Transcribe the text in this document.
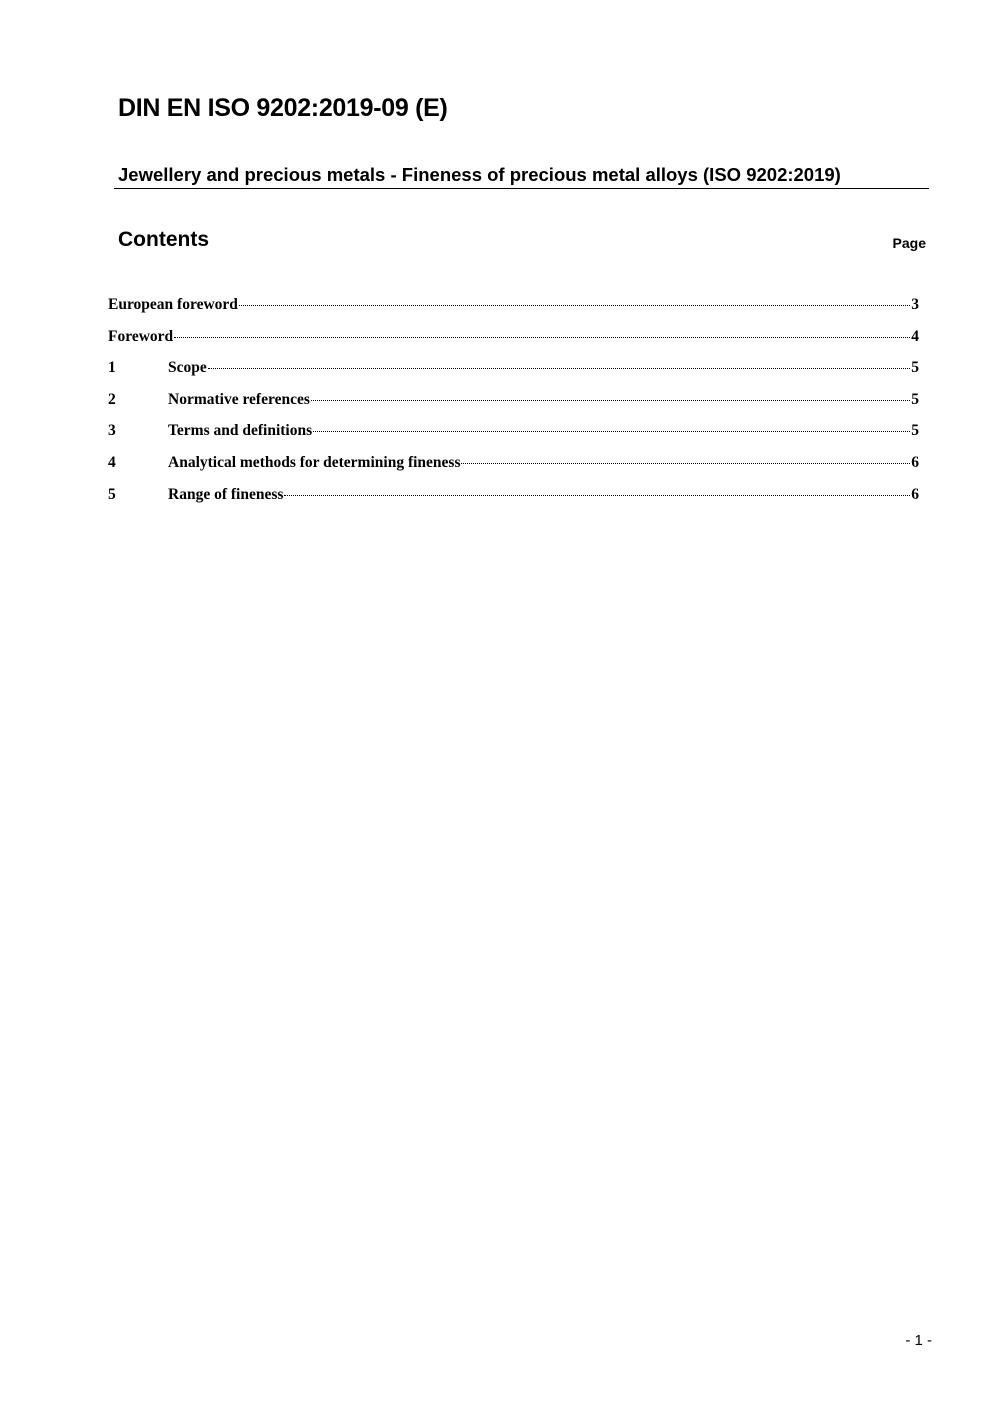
DIN EN ISO 9202:2019-09 (E)
Jewellery and precious metals - Fineness of precious metal alloys (ISO 9202:2019)
Contents	Page
European foreword	3
Foreword	4
1	Scope	5
2	Normative references	5
3	Terms and definitions	5
4	Analytical methods for determining fineness	6
5	Range of fineness	6
- 1 -
